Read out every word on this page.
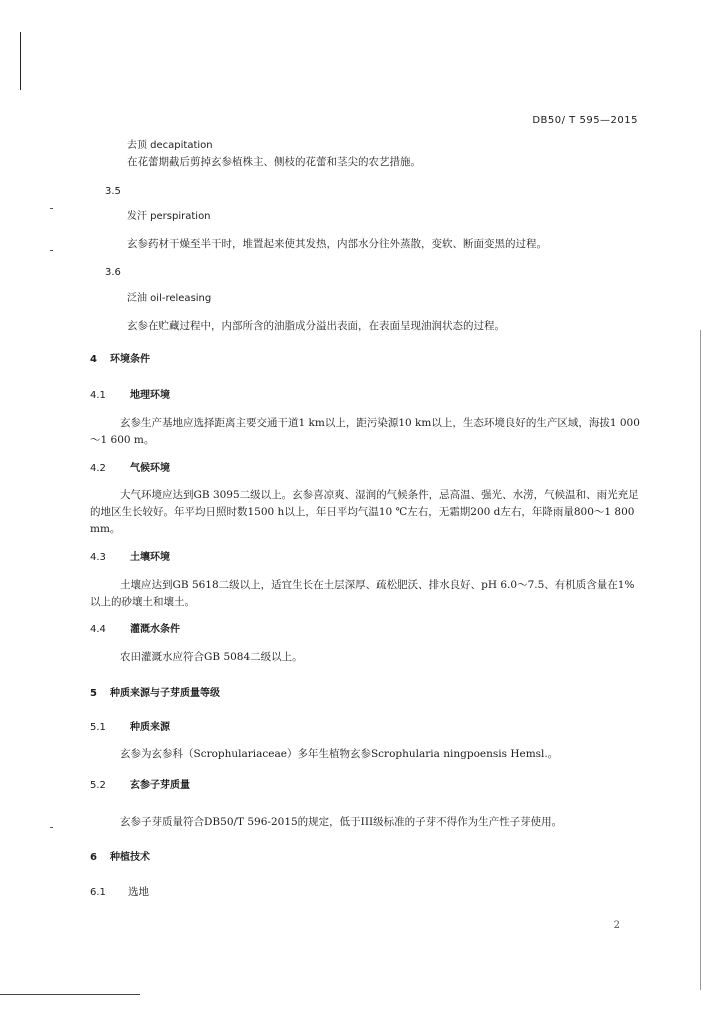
DB50/ T 595—2015
去顶 decapitation
在花蕾期截后剪掉玄参植株主、侧枝的花蕾和茎尖的农艺措施。
3.5
发汗 perspiration
玄参药材干燥至半干时，堆置起来使其发热，内部水分往外蒸散，变软、断面变黑的过程。
3.6
泛油 oil-releasing
玄参在贮藏过程中，内部所含的油脂成分溢出表面，在表面呈现油润状态的过程。
4 环境条件
4.1 地理环境
玄参生产基地应选择距离主要交通干道1 km以上，距污染源10 km以上，生态环境良好的生产区域，海拔1 000～1 600 m。
4.2 气候环境
大气环境应达到GB 3095二级以上。玄参喜凉爽、湿润的气候条件，忌高温、强光、水涝，气候温和、雨光充足的地区生长较好。年平均日照时数1500 h以上，年日平均气温10 ℃左右，无霜期200 d左右，年降雨量800～1 800 mm。
4.3 土壤环境
土壤应达到GB 5618二级以上，适宜生长在土层深厚、疏松肥沃、排水良好、pH 6.0～7.5、有机质含量在1%以上的砂壤土和壤土。
4.4 灌溉水条件
农田灌溉水应符合GB 5084二级以上。
5 种质来源与子芽质量等级
5.1 种质来源
玄参为玄参科（Scrophulariaceae）多年生植物玄参Scrophularia ningpoensis Hemsl.。
5.2 玄参子芽质量
玄参子芽质量符合DB50/T 596-2015的规定，低于III级标准的子芽不得作为生产性子芽使用。
6 种植技术
6.1 选地
2
